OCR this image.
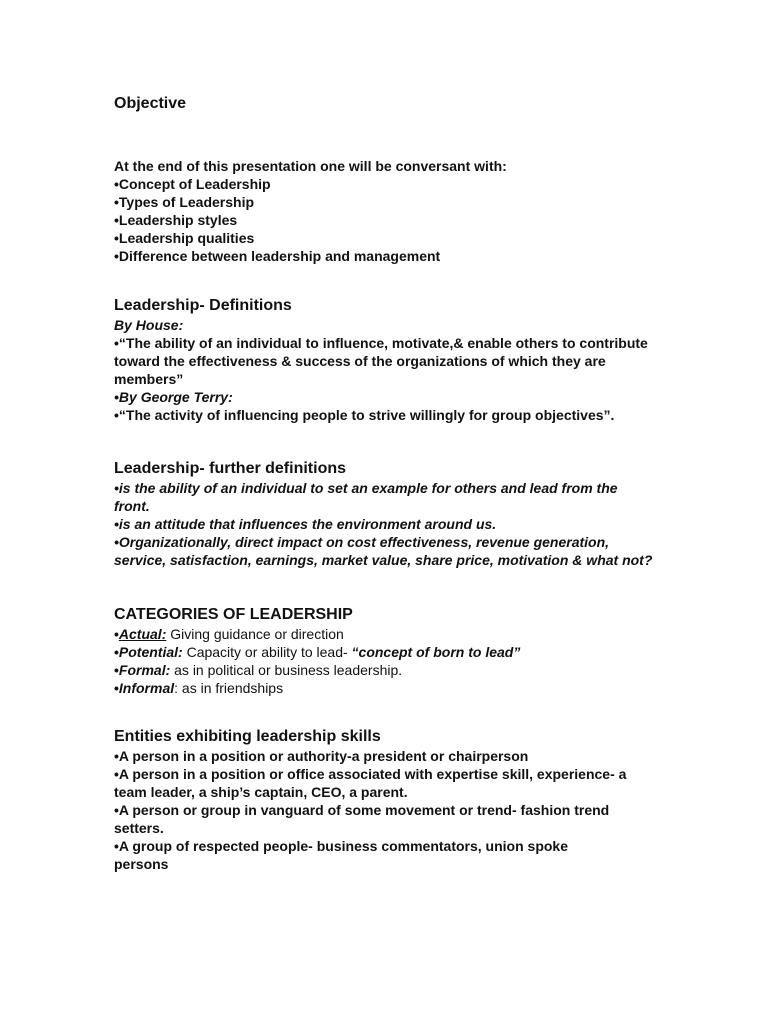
Objective
At the end of this presentation one will be conversant with:
•Concept of Leadership
•Types of Leadership
•Leadership styles
•Leadership qualities
•Difference between leadership and management
Leadership- Definitions
By House:
•“The ability of an individual to influence, motivate,& enable others to contribute toward the effectiveness & success of the organizations of which they are members”
•By George Terry:
•“The activity of influencing people to strive willingly for group objectives”.
Leadership- further definitions
•is the ability of an individual to set an example for others and lead from the front.
•is an attitude that influences the environment around us.
•Organizationally, direct impact on cost effectiveness, revenue generation, service, satisfaction, earnings, market value, share price, motivation & what not?
CATEGORIES OF LEADERSHIP
•Actual: Giving guidance or direction
•Potential: Capacity or ability to lead- “concept of born to lead”
•Formal: as in political or business leadership.
•Informal: as in friendships
Entities exhibiting leadership skills
•A person in a position or authority-a president or chairperson
•A person in a position or office associated with expertise skill, experience- a team leader, a ship’s captain, CEO, a parent.
•A person or group in vanguard of some movement or trend- fashion trend setters.
•A group of respected people- business commentators, union spoke persons
